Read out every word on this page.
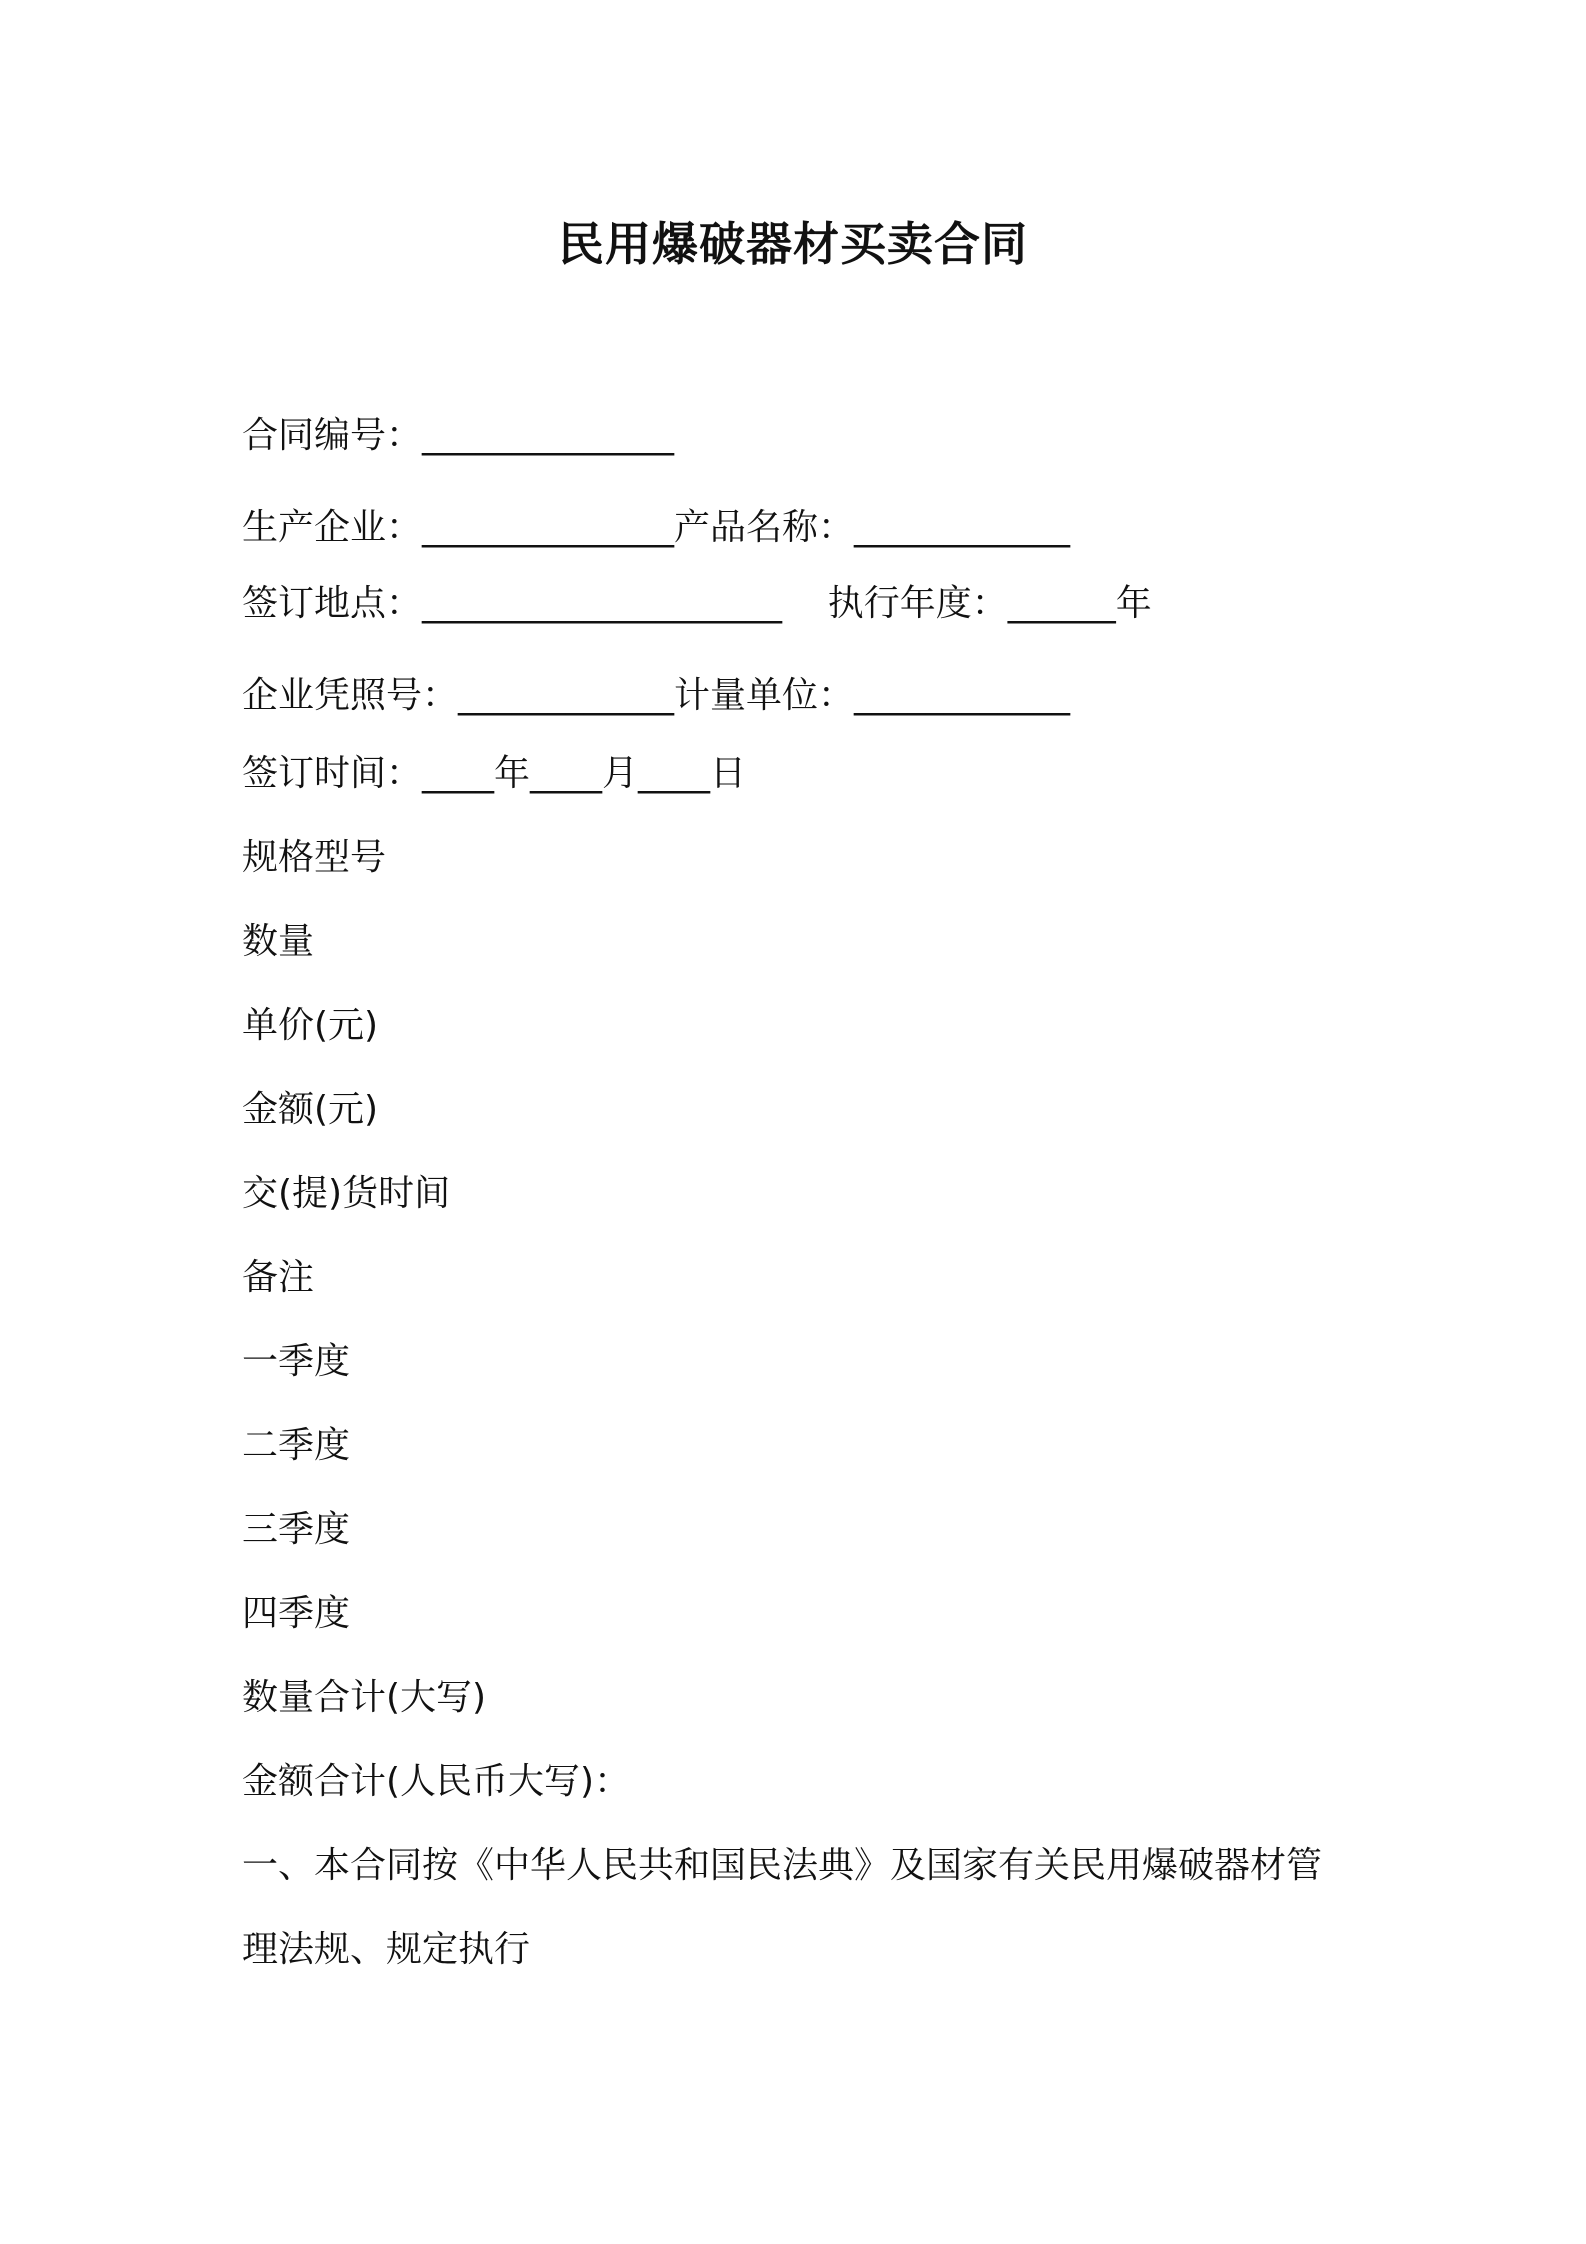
民用爆破器材买卖合同
合同编号：______________
生产企业：______________产品名称：____________
签订地点：____________________    执行年度：______年
企业凭照号：____________计量单位：____________
签订时间：____年____月____日
规格型号
数量
单价(元)
金额(元)
交(提)货时间
备注
一季度
二季度
三季度
四季度
数量合计(大写)
金额合计(人民币大写)：
一、本合同按《中华人民共和国民法典》及国家有关民用爆破器材管
理法规、规定执行
